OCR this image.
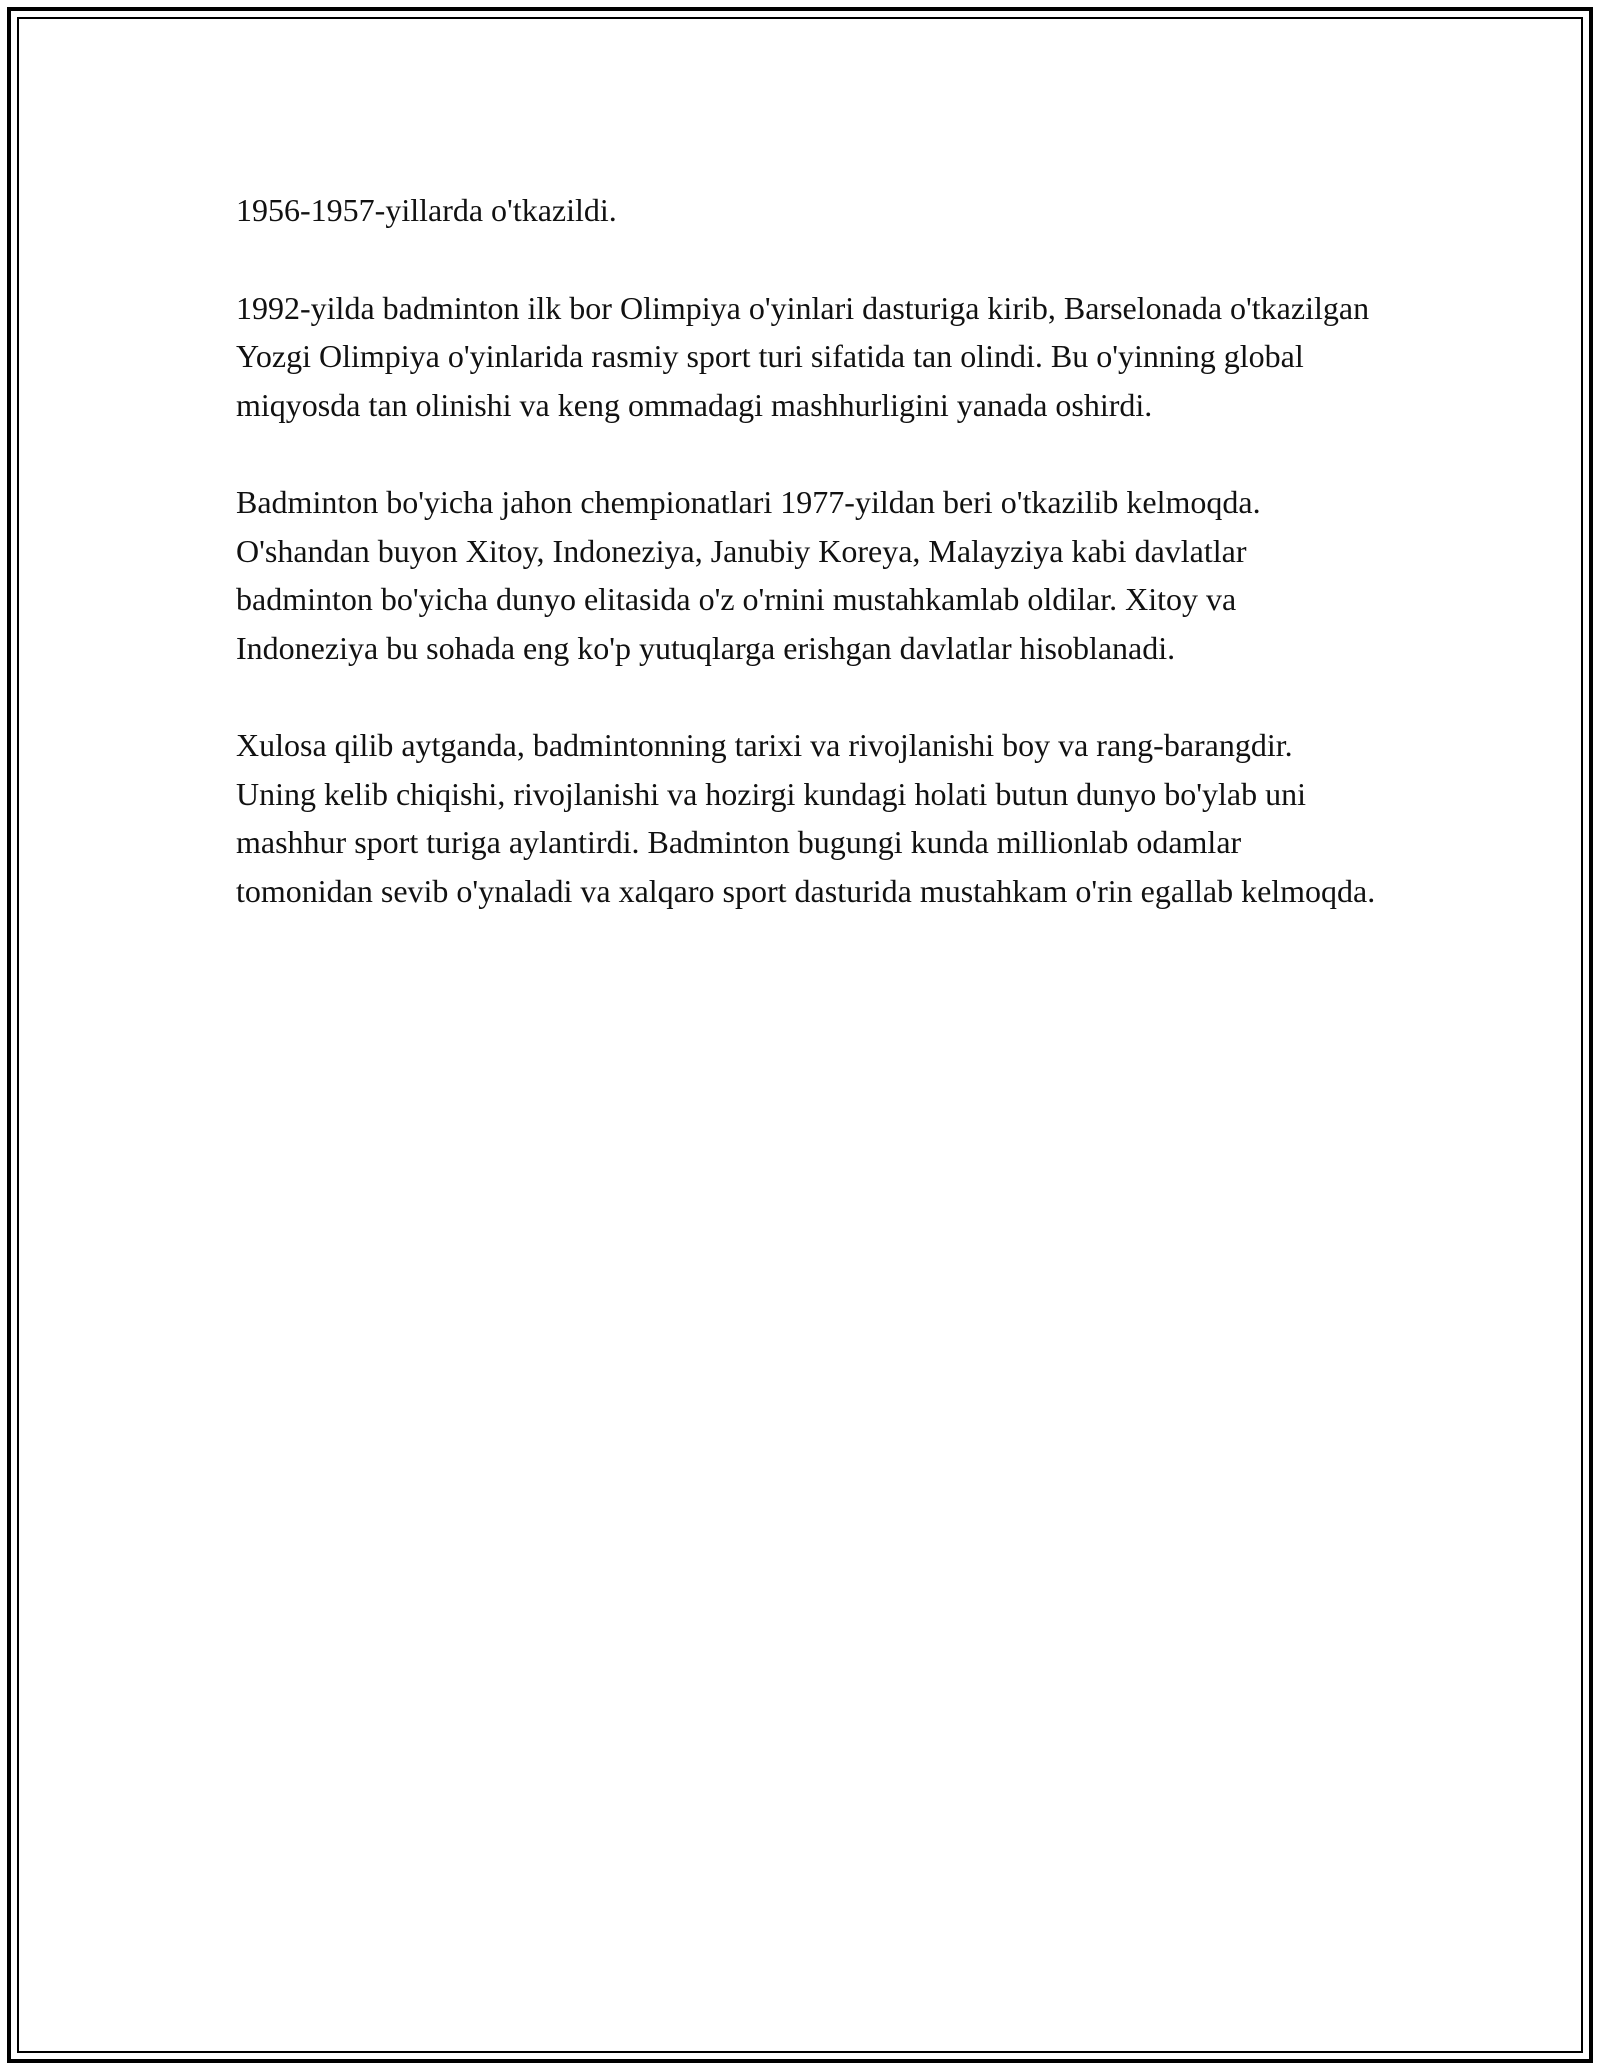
1956-1957-yillarda o'tkazildi.

1992-yilda badminton ilk bor Olimpiya o'yinlari dasturiga kirib, Barselonada o'tkazilgan Yozgi Olimpiya o'yinlarida rasmiy sport turi sifatida tan olindi. Bu o'yinning global miqyosda tan olinishi va keng ommadagi mashhurligini yanada oshirdi.

Badminton bo'yicha jahon chempionatlari 1977-yildan beri o'tkazilib kelmoqda. O'shandan buyon Xitoy, Indoneziya, Janubiy Koreya, Malayziya kabi davlatlar badminton bo'yicha dunyo elitasida o'z o'rnini mustahkamlab oldilar. Xitoy va Indoneziya bu sohada eng ko'p yutuqlarga erishgan davlatlar hisoblanadi.

Xulosa qilib aytganda, badmintonning tarixi va rivojlanishi boy va rang-barangdir. Uning kelib chiqishi, rivojlanishi va hozirgi kundagi holati butun dunyo bo'ylab uni mashhur sport turiga aylantirdi. Badminton bugungi kunda millionlab odamlar tomonidan sevib o'ynaladi va xalqaro sport dasturida mustahkam o'rin egallab kelmoqda.
